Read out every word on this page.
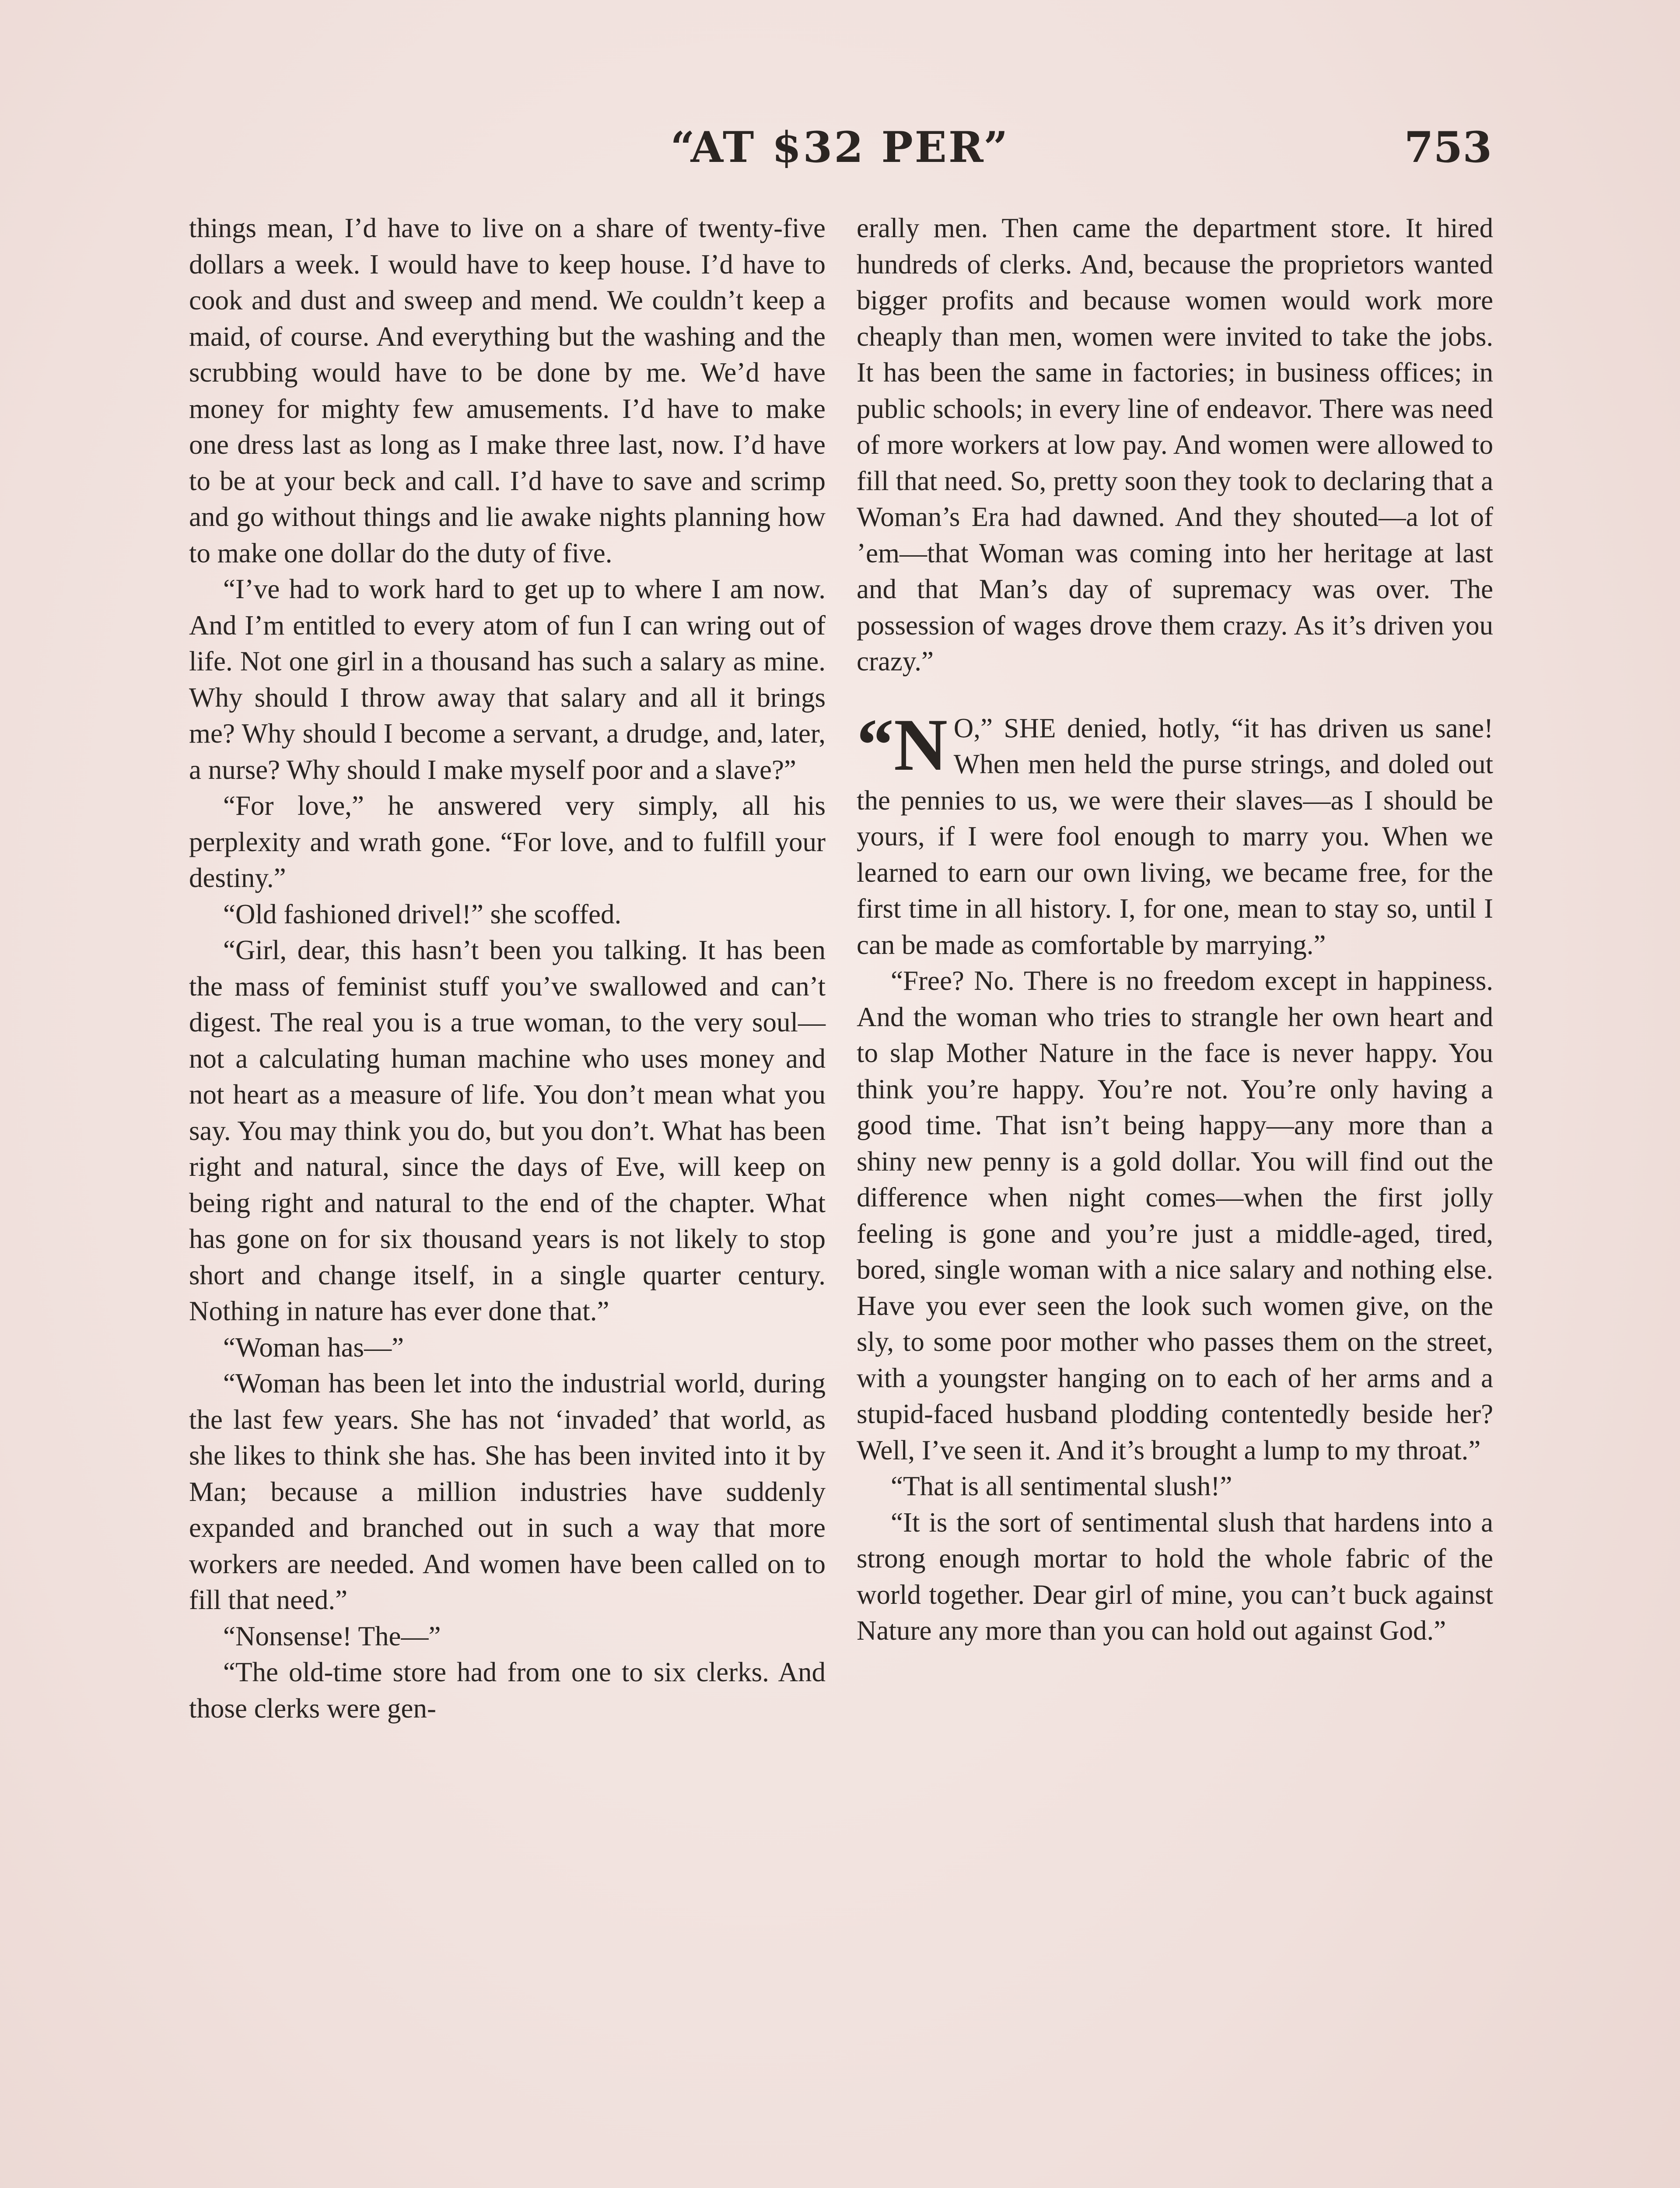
“AT $32 PER”	753

things mean, I’d have to live on a share of twenty-five dollars a week. I would have to keep house. I’d have to cook and dust and sweep and mend. We couldn’t keep a maid, of course. And everything but the washing and the scrubbing would have to be done by me. We’d have money for mighty few amusements. I’d have to make one dress last as long as I make three last, now. I’d have to be at your beck and call. I’d have to save and scrimp and go without things and lie awake nights planning how to make one dollar do the duty of five.

“I’ve had to work hard to get up to where I am now. And I’m entitled to every atom of fun I can wring out of life. Not one girl in a thousand has such a salary as mine. Why should I throw away that salary and all it brings me? Why should I become a servant, a drudge, and, later, a nurse? Why should I make myself poor and a slave?”

“For love,” he answered very simply, all his perplexity and wrath gone. “For love, and to fulfill your destiny.”

“Old fashioned drivel!” she scoffed.

“Girl, dear, this hasn’t been you talking. It has been the mass of feminist stuff you’ve swallowed and can’t digest. The real you is a true woman, to the very soul—not a calculating human machine who uses money and not heart as a measure of life. You don’t mean what you say. You may think you do, but you don’t. What has been right and natural, since the days of Eve, will keep on being right and natural to the end of the chapter. What has gone on for six thousand years is not likely to stop short and change itself, in a single quarter century. Nothing in nature has ever done that.”

“Woman has—”

“Woman has been let into the industrial world, during the last few years. She has not ‘invaded’ that world, as she likes to think she has. She has been invited into it by Man; because a million industries have suddenly expanded and branched out in such a way that more workers are needed. And women have been called on to fill that need.”

“Nonsense! The—”

“The old-time store had from one to six clerks. And those clerks were gen-

erally men. Then came the department store. It hired hundreds of clerks. And, because the proprietors wanted bigger profits and because women would work more cheaply than men, women were invited to take the jobs. It has been the same in factories; in business offices; in public schools; in every line of endeavor. There was need of more workers at low pay. And women were allowed to fill that need. So, pretty soon they took to declaring that a Woman’s Era had dawned. And they shouted—a lot of ’em—that Woman was coming into her heritage at last and that Man’s day of supremacy was over. The possession of wages drove them crazy. As it’s driven you crazy.”

“N O,” SHE denied, hotly, “it has driven us sane! When men held the purse strings, and doled out the pennies to us, we were their slaves—as I should be yours, if I were fool enough to marry you. When we learned to earn our own living, we became free, for the first time in all history. I, for one, mean to stay so, until I can be made as comfortable by marrying.”

“Free? No. There is no freedom except in happiness. And the woman who tries to strangle her own heart and to slap Mother Nature in the face is never happy. You think you’re happy. You’re not. You’re only having a good time. That isn’t being happy—any more than a shiny new penny is a gold dollar. You will find out the difference when night comes—when the first jolly feeling is gone and you’re just a middle-aged, tired, bored, single woman with a nice salary and nothing else. Have you ever seen the look such women give, on the sly, to some poor mother who passes them on the street, with a youngster hanging on to each of her arms and a stupid-faced husband plodding contentedly beside her? Well, I’ve seen it. And it’s brought a lump to my throat.”

“That is all sentimental slush!”

“It is the sort of sentimental slush that hardens into a strong enough mortar to hold the whole fabric of the world together. Dear girl of mine, you can’t buck against Nature any more than you can hold out against God.”
